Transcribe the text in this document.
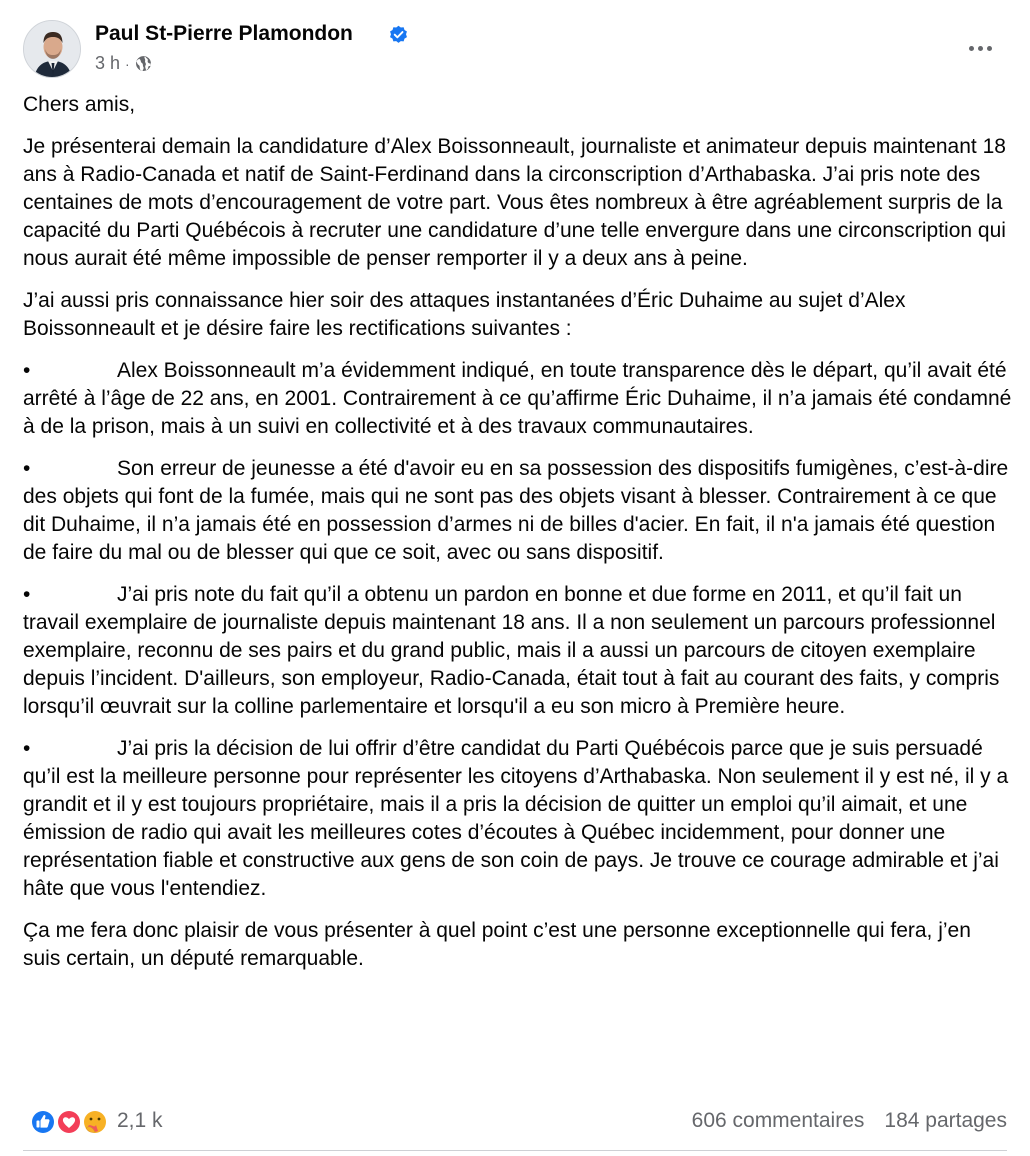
Paul St-Pierre Plamondon
3 h ·

Chers amis,

Je présenterai demain la candidature d’Alex Boissonneault, journaliste et animateur depuis maintenant 18 ans à Radio-Canada et natif de Saint-Ferdinand dans la circonscription d’Arthabaska. J’ai pris note des centaines de mots d’encouragement de votre part. Vous êtes nombreux à être agréablement surpris de la capacité du Parti Québécois à recruter une candidature d’une telle envergure dans une circonscription qui nous aurait été même impossible de penser remporter il y a deux ans à peine.

J’ai aussi pris connaissance hier soir des attaques instantanées d’Éric Duhaime au sujet d’Alex Boissonneault et je désire faire les rectifications suivantes :

•	Alex Boissonneault m’a évidemment indiqué, en toute transparence dès le départ, qu’il avait été arrêté à l’âge de 22 ans, en 2001. Contrairement à ce qu’affirme Éric Duhaime, il n’a jamais été condamné à de la prison, mais à un suivi en collectivité et à des travaux communautaires.

•	Son erreur de jeunesse a été d'avoir eu en sa possession des dispositifs fumigènes, c’est-à-dire des objets qui font de la fumée, mais qui ne sont pas des objets visant à blesser. Contrairement à ce que dit Duhaime, il n’a jamais été en possession d’armes ni de billes d'acier. En fait, il n'a jamais été question de faire du mal ou de blesser qui que ce soit, avec ou sans dispositif.

•	J’ai pris note du fait qu’il a obtenu un pardon en bonne et due forme en 2011, et qu’il fait un travail exemplaire de journaliste depuis maintenant 18 ans. Il a non seulement un parcours professionnel exemplaire, reconnu de ses pairs et du grand public, mais il a aussi un parcours de citoyen exemplaire depuis l’incident. D'ailleurs, son employeur, Radio-Canada, était tout à fait au courant des faits, y compris lorsqu’il œuvrait sur la colline parlementaire et lorsqu'il a eu son micro à Première heure.

•	J’ai pris la décision de lui offrir d’être candidat du Parti Québécois parce que je suis persuadé qu’il est la meilleure personne pour représenter les citoyens d’Arthabaska. Non seulement il y est né, il y a grandit et il y est toujours propriétaire, mais il a pris la décision de quitter un emploi qu’il aimait, et une émission de radio qui avait les meilleures cotes d’écoutes à Québec incidemment, pour donner une représentation fiable et constructive aux gens de son coin de pays. Je trouve ce courage admirable et j’ai hâte que vous l'entendiez.

Ça me fera donc plaisir de vous présenter à quel point c’est une personne exceptionnelle qui fera, j’en suis certain, un député remarquable.

2,1 k	606 commentaires 184 partages
